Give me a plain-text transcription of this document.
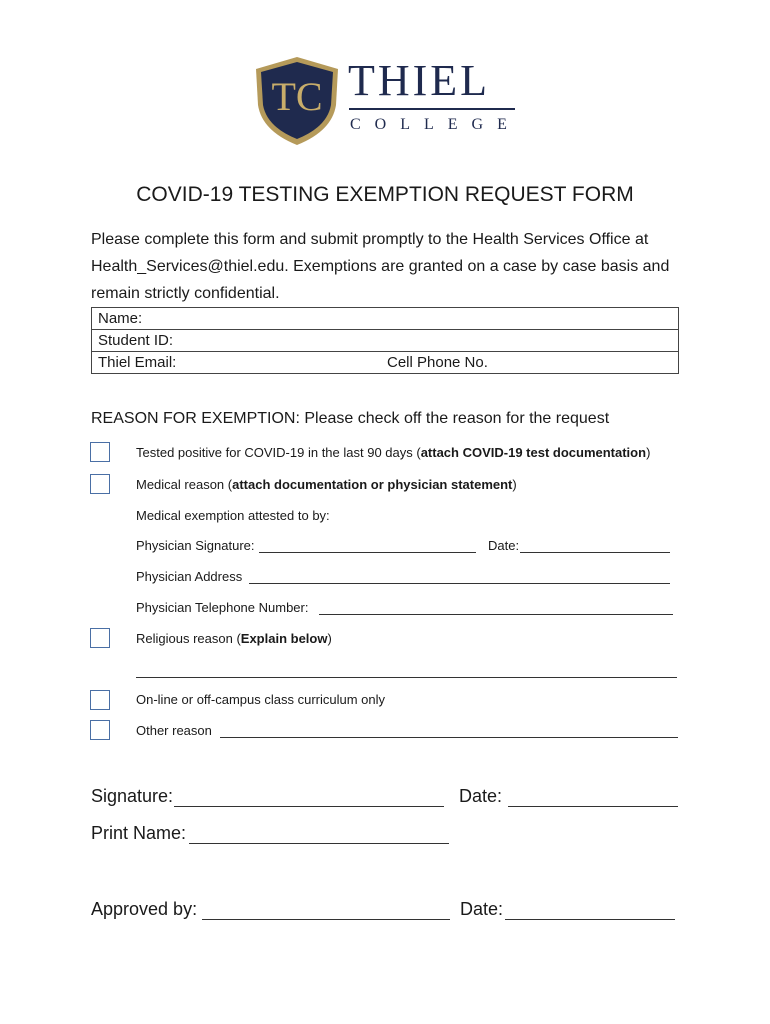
TC THIEL
COLLEGE
COVID-19 TESTING EXEMPTION REQUEST FORM
Please complete this form and submit promptly to the Health Services Office at
Health_Services@thiel.edu. Exemptions are granted on a case by case basis and
remain strictly confidential.
Name:
Student ID:
Thiel Email:	Cell Phone No.
REASON FOR EXEMPTION: Please check off the reason for the request
Tested positive for COVID-19 in the last 90 days (attach COVID-19 test documentation)
Medical reason (attach documentation or physician statement)
Medical exemption attested to by:
Physician Signature:	Date:
Physician Address
Physician Telephone Number:
Religious reason (Explain below)
On-line or off-campus class curriculum only
Other reason
Signature:	Date:
Print Name:
Approved by:	Date:
